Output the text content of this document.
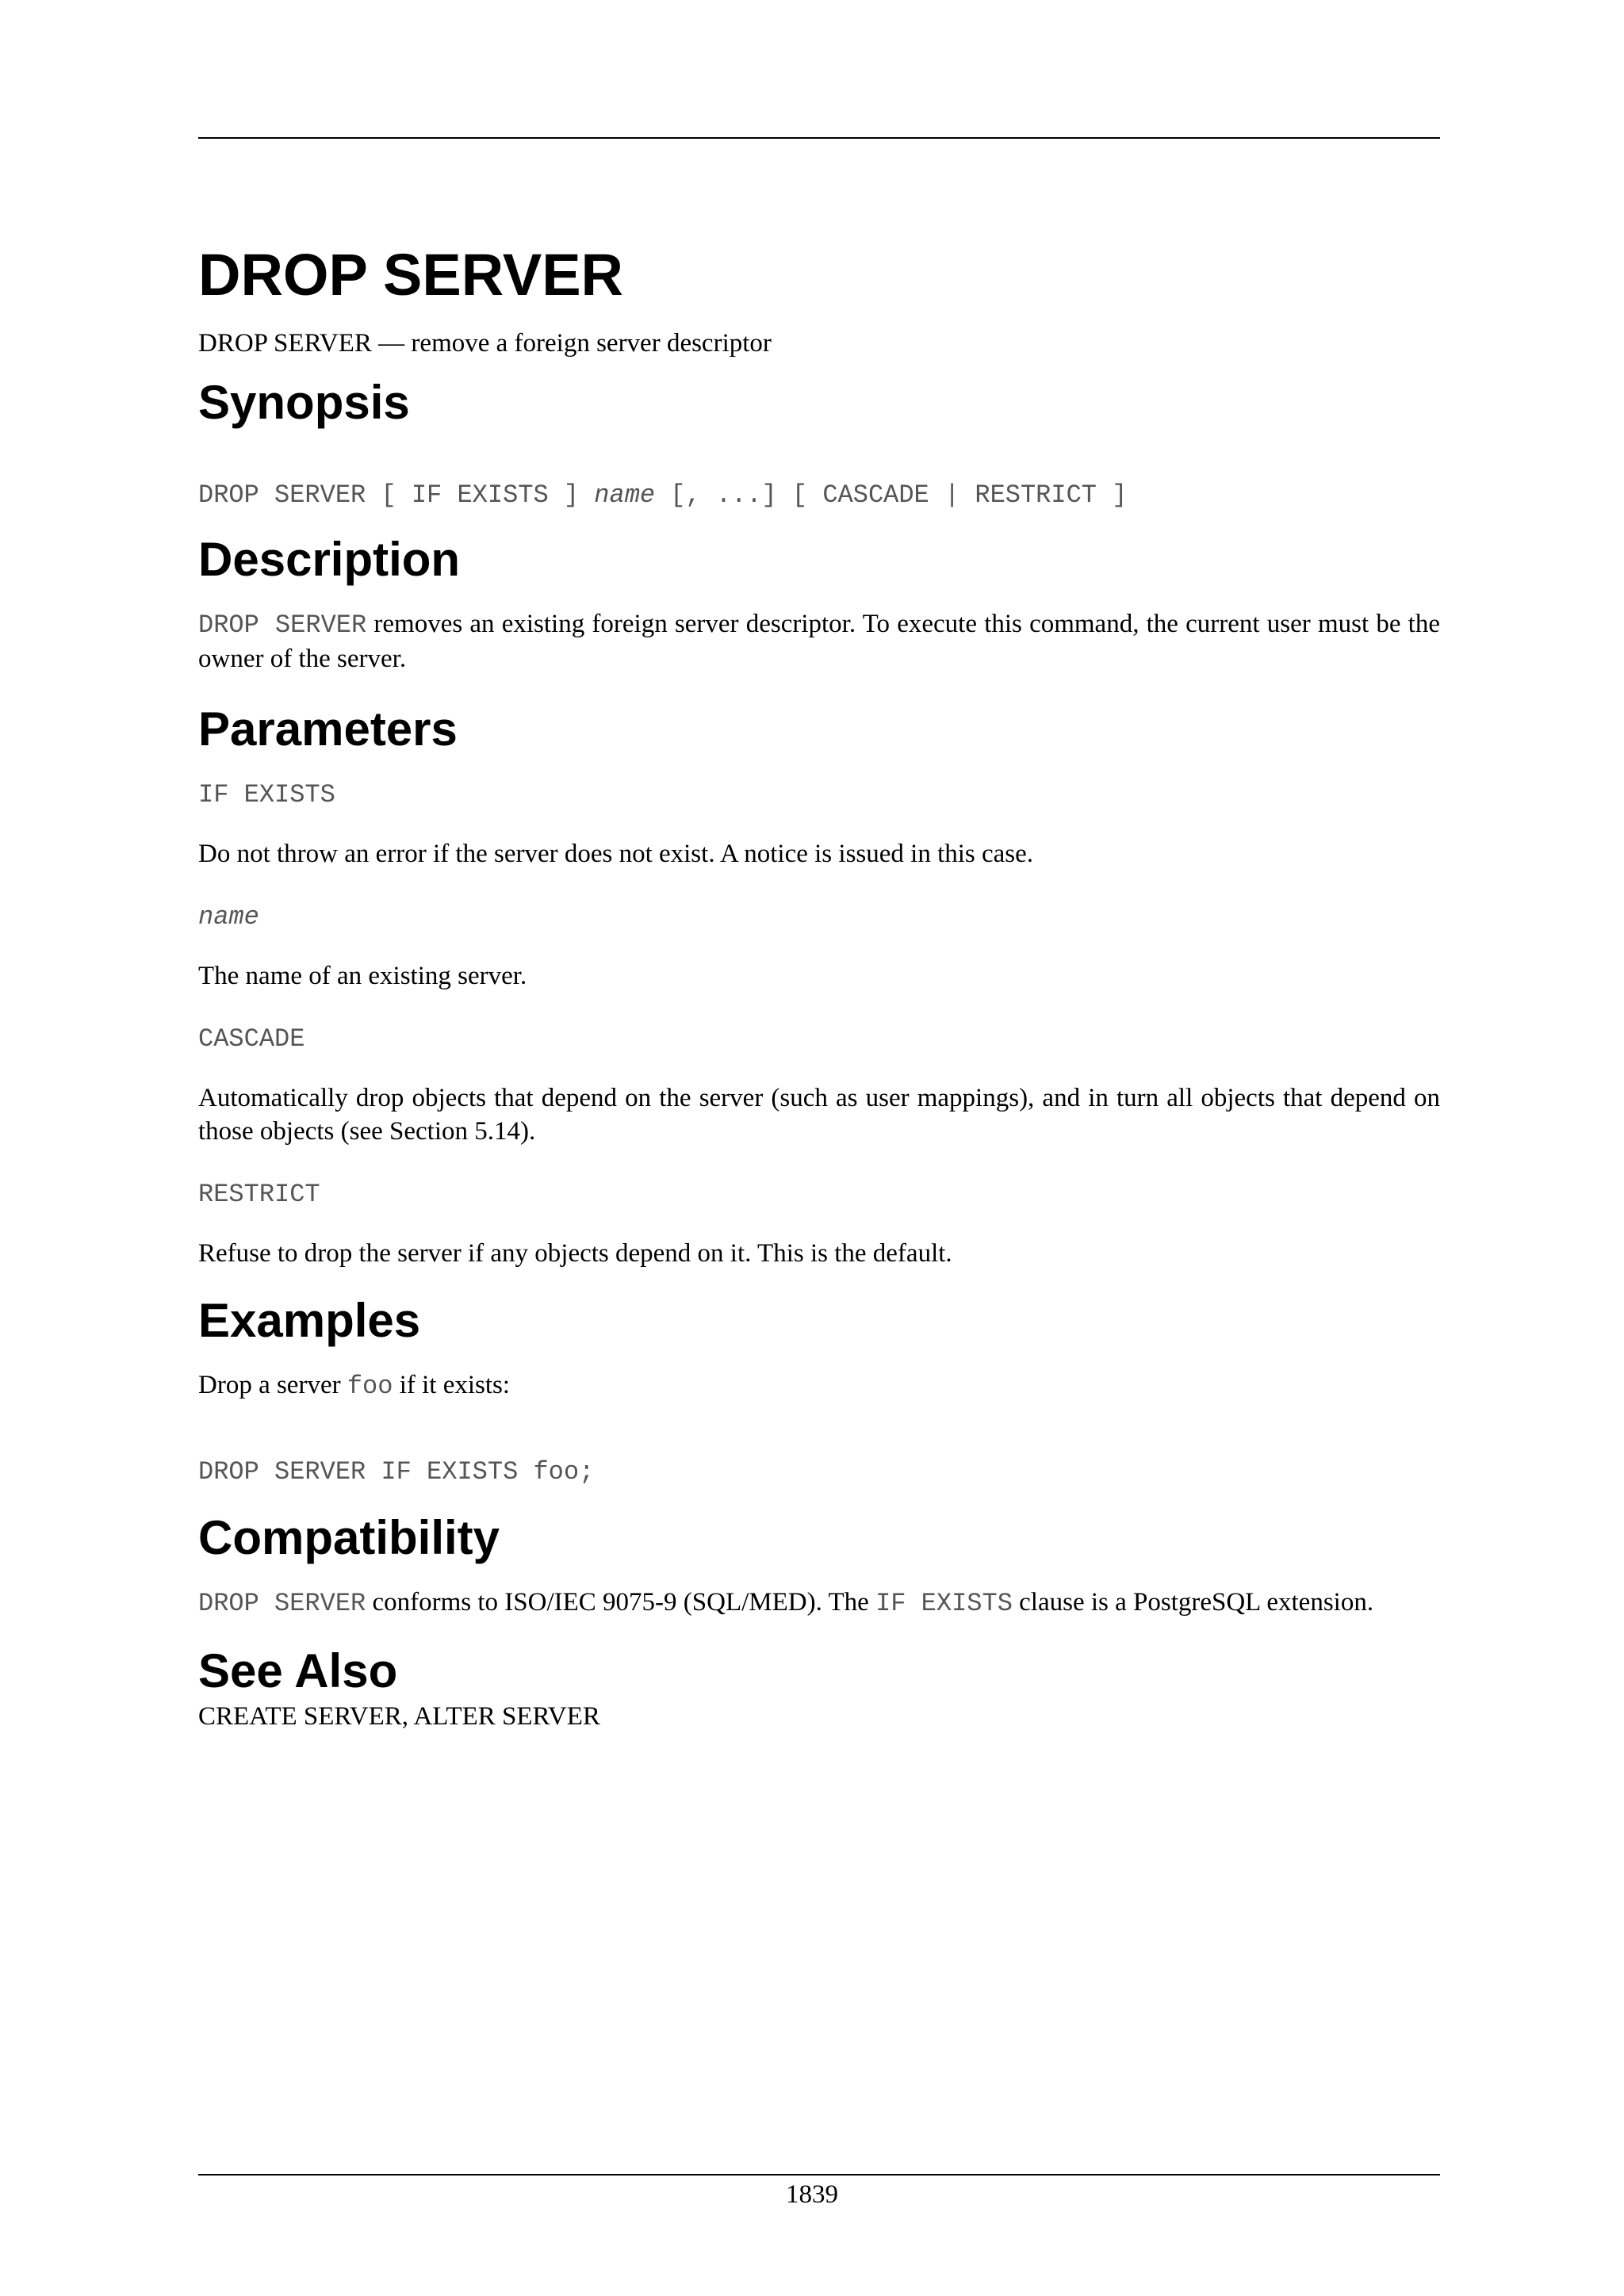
DROP SERVER

DROP SERVER — remove a foreign server descriptor

Synopsis

DROP SERVER [ IF EXISTS ] name [, ...] [ CASCADE | RESTRICT ]

Description

DROP SERVER removes an existing foreign server descriptor. To execute this command, the current user must be the owner of the server.

Parameters

IF EXISTS

Do not throw an error if the server does not exist. A notice is issued in this case.

name

The name of an existing server.

CASCADE

Automatically drop objects that depend on the server (such as user mappings), and in turn all objects that depend on those objects (see Section 5.14).

RESTRICT

Refuse to drop the server if any objects depend on it. This is the default.

Examples

Drop a server foo if it exists:

DROP SERVER IF EXISTS foo;

Compatibility

DROP SERVER conforms to ISO/IEC 9075-9 (SQL/MED). The IF EXISTS clause is a PostgreSQL extension.

See Also

CREATE SERVER, ALTER SERVER

1839
